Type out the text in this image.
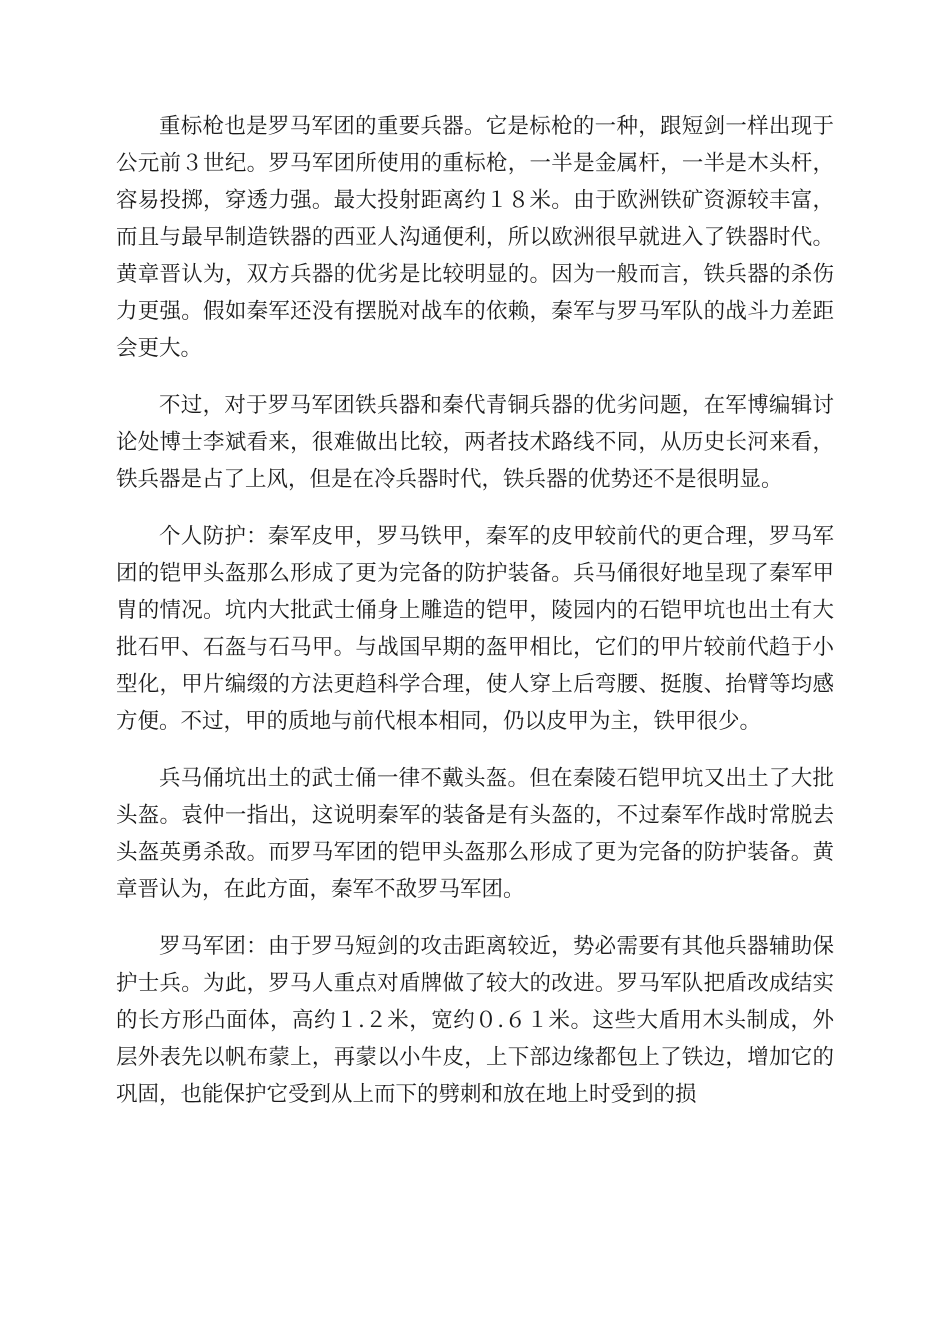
重标枪也是罗马军团的重要兵器。它是标枪的一种，跟短剑一样出现于公元前３世纪。罗马军团所使用的重标枪，一半是金属杆，一半是木头杆，容易投掷，穿透力强。最大投射距离约１８米。由于欧洲铁矿资源较丰富，而且与最早制造铁器的西亚人沟通便利，所以欧洲很早就进入了铁器时代。黄章晋认为，双方兵器的优劣是比较明显的。因为一般而言，铁兵器的杀伤力更强。假如秦军还没有摆脱对战车的依赖，秦军与罗马军队的战斗力差距会更大。

不过，对于罗马军团铁兵器和秦代青铜兵器的优劣问题，在军博编辑讨论处博士李斌看来，很难做出比较，两者技术路线不同，从历史长河来看，铁兵器是占了上风，但是在冷兵器时代，铁兵器的优势还不是很明显。

个人防护：秦军皮甲，罗马铁甲，秦军的皮甲较前代的更合理，罗马军团的铠甲头盔那么形成了更为完备的防护装备。兵马俑很好地呈现了秦军甲胄的情况。坑内大批武士俑身上雕造的铠甲，陵园内的石铠甲坑也出土有大批石甲、石盔与石马甲。与战国早期的盔甲相比，它们的甲片较前代趋于小型化，甲片编缀的方法更趋科学合理，使人穿上后弯腰、挺腹、抬臂等均感方便。不过，甲的质地与前代根本相同，仍以皮甲为主，铁甲很少。

兵马俑坑出土的武士俑一律不戴头盔。但在秦陵石铠甲坑又出土了大批头盔。袁仲一指出，这说明秦军的装备是有头盔的，不过秦军作战时常脱去头盔英勇杀敌。而罗马军团的铠甲头盔那么形成了更为完备的防护装备。黄章晋认为，在此方面，秦军不敌罗马军团。

罗马军团：由于罗马短剑的攻击距离较近，势必需要有其他兵器辅助保护士兵。为此，罗马人重点对盾牌做了较大的改进。罗马军队把盾改成结实的长方形凸面体，高约１.２米，宽约０.６１米。这些大盾用木头制成，外层外表先以帆布蒙上，再蒙以小牛皮，上下部边缘都包上了铁边，增加它的巩固，也能保护它受到从上而下的劈刺和放在地上时受到的损
